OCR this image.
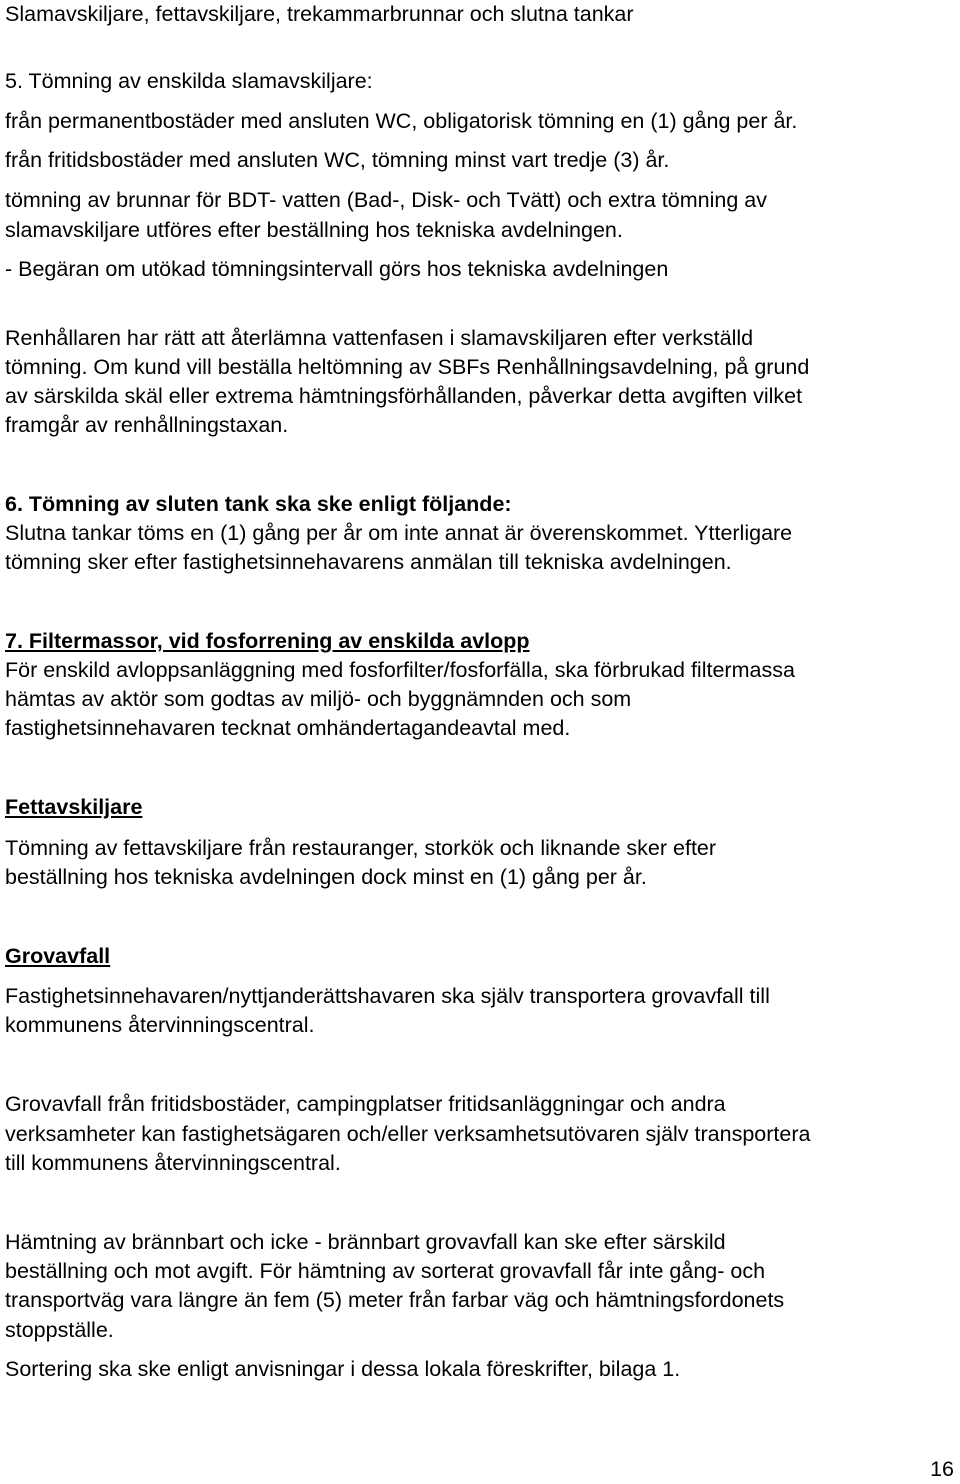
Slamavskiljare, fettavskiljare, trekammarbrunnar och slutna tankar

5. Tömning av enskilda slamavskiljare:

från permanentbostäder med ansluten WC, obligatorisk tömning en (1) gång per år.

från fritidsbostäder med ansluten WC, tömning minst vart tredje (3) år.

tömning av brunnar för BDT- vatten (Bad-, Disk- och Tvätt) och extra tömning av

slamavskiljare utföres efter beställning hos tekniska avdelningen.

- Begäran om utökad tömningsintervall görs hos tekniska avdelningen

Renhållaren har rätt att återlämna vattenfasen i slamavskiljaren efter verkställd

tömning. Om kund vill beställa heltömning av SBFs Renhållningsavdelning, på grund

av särskilda skäl eller extrema hämtningsförhållanden, påverkar detta avgiften vilket

framgår av renhållningstaxan.

6. Tömning av sluten tank ska ske enligt följande:

Slutna tankar töms en (1) gång per år om inte annat är överenskommet. Ytterligare

tömning sker efter fastighetsinnehavarens anmälan till tekniska avdelningen.

7. Filtermassor, vid fosforrening av enskilda avlopp

För enskild avloppsanläggning med fosforfilter/fosforfälla, ska förbrukad filtermassa

hämtas av aktör som godtas av miljö- och byggnämnden och som

fastighetsinnehavaren tecknat omhändertagandeavtal med.

Fettavskiljare

Tömning av fettavskiljare från restauranger, storkök och liknande sker efter

beställning hos tekniska avdelningen dock minst en (1) gång per år.

Grovavfall

Fastighetsinnehavaren/nyttjanderättshavaren ska själv transportera grovavfall till

kommunens återvinningscentral.

Grovavfall från fritidsbostäder, campingplatser fritidsanläggningar och andra

verksamheter kan fastighetsägaren och/eller verksamhetsutövaren själv transportera

till kommunens återvinningscentral.

Hämtning av brännbart och icke - brännbart grovavfall kan ske efter särskild

beställning och mot avgift. För hämtning av sorterat grovavfall får inte gång- och

transportväg vara längre än fem (5) meter från farbar väg och hämtningsfordonets

stoppställe.

Sortering ska ske enligt anvisningar i dessa lokala föreskrifter, bilaga 1.

16
